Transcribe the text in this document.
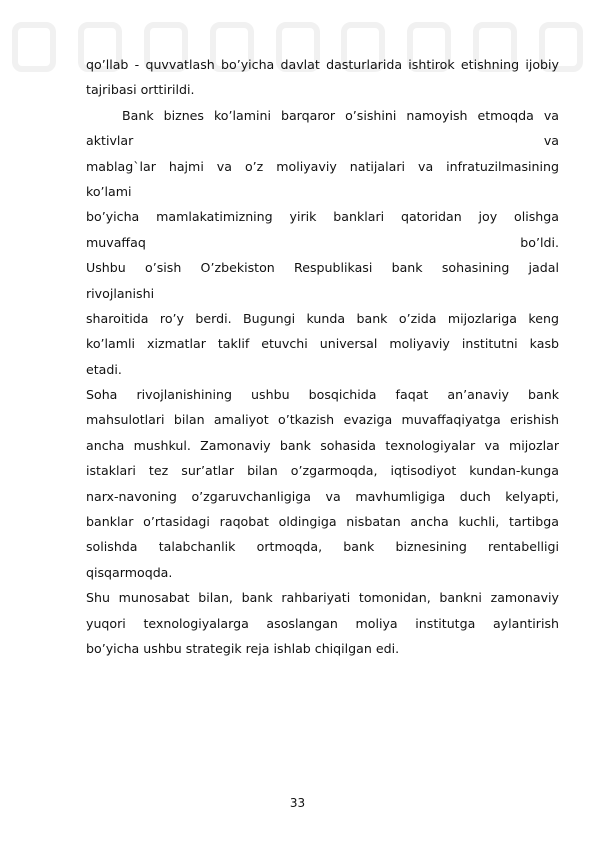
qo’llab - quvvatlash bo’yicha davlat dasturlarida ishtirok etishning ijobiy
tajribasi orttirildi.
Bank biznes ko’lamini barqaror o’sishini namoyish etmoqda va
aktivlar va
mablag`lar hajmi va o’z moliyaviy natijalari va infratuzilmasining
ko’lami
bo’yicha mamlakatimizning yirik banklari qatoridan joy olishga
muvaffaq bo’ldi.
Ushbu o’sish O’zbekiston Respublikasi bank sohasining jadal
rivojlanishi
sharoitida ro’y berdi. Bugungi kunda bank o’zida mijozlariga keng
ko’lamli xizmatlar taklif etuvchi universal moliyaviy institutni kasb
etadi.
Soha rivojlanishining ushbu bosqichida faqat an’anaviy bank
mahsulotlari bilan amaliyot o’tkazish evaziga muvaffaqiyatga erishish
ancha mushkul. Zamonaviy bank sohasida texnologiyalar va mijozlar
istaklari tez sur’atlar bilan o’zgarmoqda, iqtisodiyot kundan-kunga
narx-navoning o’zgaruvchanligiga va mavhumligiga duch kelyapti,
banklar o’rtasidagi raqobat oldingiga nisbatan ancha kuchli, tartibga
solishda talabchanlik ortmoqda, bank biznesining rentabelligi
qisqarmoqda.
Shu munosabat bilan, bank rahbariyati tomonidan, bankni zamonaviy
yuqori texnologiyalarga asoslangan moliya institutga aylantirish
bo’yicha ushbu strategik reja ishlab chiqilgan edi.
33
